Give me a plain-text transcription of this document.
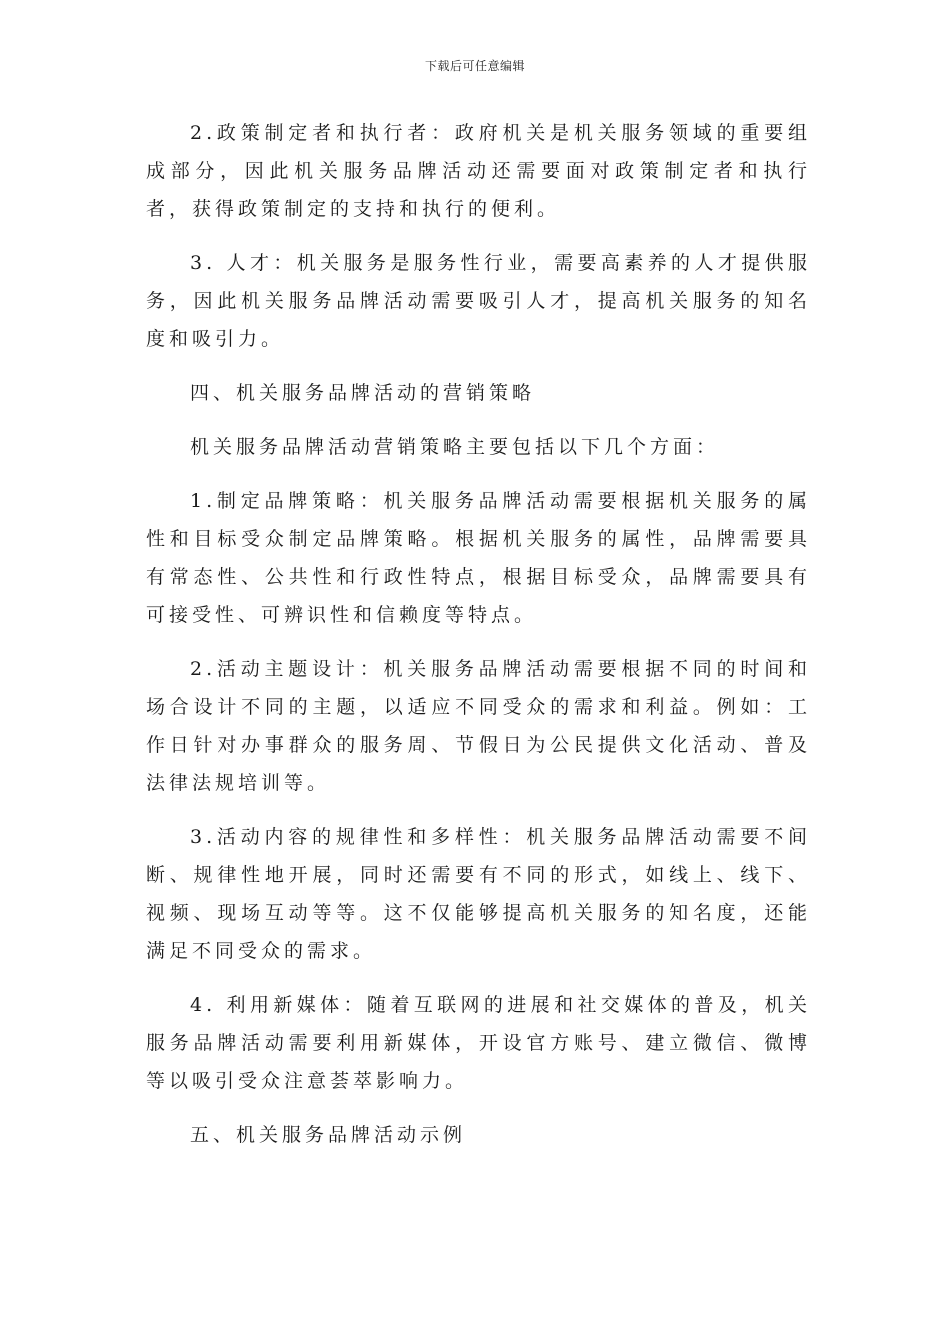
下载后可任意编辑

2.政策制定者和执行者：政府机关是机关服务领域的重要组成部分，因此机关服务品牌活动还需要面对政策制定者和执行者，获得政策制定的支持和执行的便利。

3. 人才：机关服务是服务性行业，需要高素养的人才提供服务，因此机关服务品牌活动需要吸引人才，提高机关服务的知名度和吸引力。

四、机关服务品牌活动的营销策略

机关服务品牌活动营销策略主要包括以下几个方面：

1.制定品牌策略：机关服务品牌活动需要根据机关服务的属性和目标受众制定品牌策略。根据机关服务的属性，品牌需要具有常态性、公共性和行政性特点，根据目标受众，品牌需要具有可接受性、可辨识性和信赖度等特点。

2.活动主题设计：机关服务品牌活动需要根据不同的时间和场合设计不同的主题，以适应不同受众的需求和利益。例如：工作日针对办事群众的服务周、节假日为公民提供文化活动、普及法律法规培训等。

3.活动内容的规律性和多样性：机关服务品牌活动需要不间断、规律性地开展，同时还需要有不同的形式，如线上、线下、视频、现场互动等等。这不仅能够提高机关服务的知名度，还能满足不同受众的需求。

4. 利用新媒体：随着互联网的进展和社交媒体的普及，机关服务品牌活动需要利用新媒体，开设官方账号、建立微信、微博等以吸引受众注意荟萃影响力。

五、机关服务品牌活动示例
